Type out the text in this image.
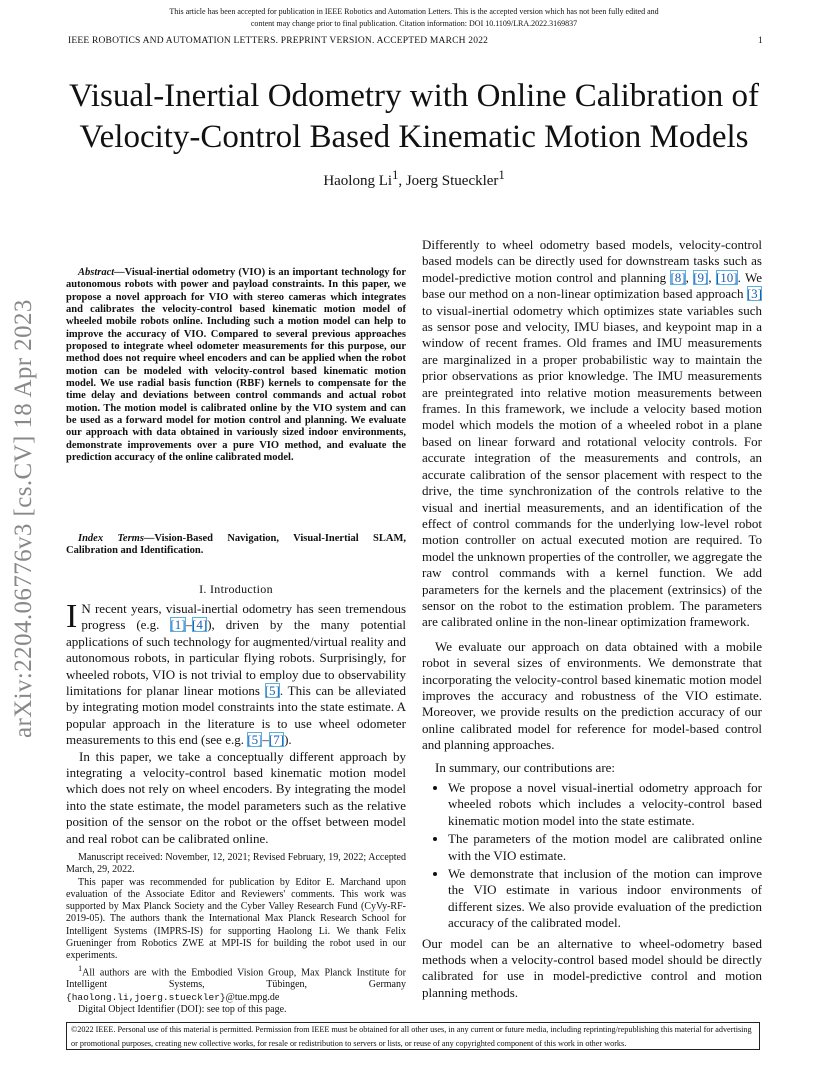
This article has been accepted for publication in IEEE Robotics and Automation Letters. This is the accepted version which has not been fully edited and
content may change prior to final publication. Citation information: DOI 10.1109/LRA.2022.3169837
IEEE ROBOTICS AND AUTOMATION LETTERS. PREPRINT VERSION. ACCEPTED MARCH 2022	1
Visual-Inertial Odometry with Online Calibration of
Velocity-Control Based Kinematic Motion Models
Haolong Li$^1$, Joerg Stueckler$^1$
arXiv:2204.06776v3 [cs.CV] 18 Apr 2023
Abstract—Visual-inertial odometry (VIO) is an important technology for autonomous robots with power and payload constraints. In this paper, we propose a novel approach for VIO with stereo cameras which integrates and calibrates the velocity-control based kinematic motion model of wheeled mobile robots online. Including such a motion model can help to improve the accuracy of VIO. Compared to several previous approaches proposed to integrate wheel odometer measurements for this purpose, our method does not require wheel encoders and can be applied when the robot motion can be modeled with velocity-control based kinematic motion model. We use radial basis function (RBF) kernels to compensate for the time delay and deviations between control commands and actual robot motion. The motion model is calibrated online by the VIO system and can be used as a forward model for motion control and planning. We evaluate our approach with data obtained in variously sized indoor environments, demonstrate improvements over a pure VIO method, and evaluate the prediction accuracy of the online calibrated model.
Index Terms—Vision-Based Navigation, Visual-Inertial SLAM, Calibration and Identification.
I. Introduction

I N recent years, visual-inertial odometry has seen tremendous progress (e.g. [1]–[4]), driven by the many potential applications of such technology for augmented/virtual reality and autonomous robots, in particular flying robots. Surprisingly, for wheeled robots, VIO is not trivial to employ due to observability limitations for planar linear motions [5]. This can be alleviated by integrating motion model constraints into the state estimate. A popular approach in the literature is to use wheel odometer measurements to this end (see e.g. [5]–[7]).

In this paper, we take a conceptually different approach by integrating a velocity-control based kinematic motion model which does not rely on wheel encoders. By integrating the model into the state estimate, the model parameters such as the relative position of the sensor on the robot or the offset between model and real robot can be calibrated online.

Manuscript received: November, 12, 2021; Revised February, 19, 2022; Accepted March, 29, 2022.

This paper was recommended for publication by Editor E. Marchand upon evaluation of the Associate Editor and Reviewers' comments. This work was supported by Max Planck Society and the Cyber Valley Research Fund (CyVy-RF-2019-05). The authors thank the International Max Planck Research School for Intelligent Systems (IMPRS-IS) for supporting Haolong Li. We thank Felix Grueninger from Robotics ZWE at MPI-IS for building the robot used in our experiments.

$^1$All authors are with the Embodied Vision Group, Max Planck Institute for Intelligent Systems, Tübingen, Germany {haolong.li,joerg.stueckler}@tue.mpg.de

Digital Object Identifier (DOI): see top of this page.

Differently to wheel odometry based models, velocity-control based models can be directly used for downstream tasks such as model-predictive motion control and planning [8], [9], [10]. We base our method on a non-linear optimization based approach [3] to visual-inertial odometry which optimizes state variables such as sensor pose and velocity, IMU biases, and keypoint map in a window of recent frames. Old frames and IMU measurements are marginalized in a proper probabilistic way to maintain the prior observations as prior knowledge. The IMU measurements are preintegrated into relative motion measurements between frames. In this framework, we include a velocity based motion model which models the motion of a wheeled robot in a plane based on linear forward and rotational velocity controls. For accurate integration of the measurements and controls, an accurate calibration of the sensor placement with respect to the drive, the time synchronization of the controls relative to the visual and inertial measurements, and an identification of the effect of control commands for the underlying low-level robot motion controller on actual executed motion are required. To model the unknown properties of the controller, we aggregate the raw control commands with a kernel function. We add parameters for the kernels and the placement (extrinsics) of the sensor on the robot to the estimation problem. The parameters are calibrated online in the non-linear optimization framework.

We evaluate our approach on data obtained with a mobile robot in several sizes of environments. We demonstrate that incorporating the velocity-control based kinematic motion model improves the accuracy and robustness of the VIO estimate. Moreover, we provide results on the prediction accuracy of our online calibrated model for reference for model-based control and planning approaches.

In summary, our contributions are:

• We propose a novel visual-inertial odometry approach for wheeled robots which includes a velocity-control based kinematic motion model into the state estimate.
• The parameters of the motion model are calibrated online with the VIO estimate.
• We demonstrate that inclusion of the motion can improve the VIO estimate in various indoor environments of different sizes. We also provide evaluation of the prediction accuracy of the calibrated model.

Our model can be an alternative to wheel-odometry based methods when a velocity-control based model should be directly calibrated for use in model-predictive control and motion planning methods.

©2022 IEEE. Personal use of this material is permitted. Permission from IEEE must be obtained for all other uses, in any current or future media, including reprinting/republishing this material for advertising or promotional purposes, creating new collective works, for resale or redistribution to servers or lists, or reuse of any copyrighted component of this work in other works.
